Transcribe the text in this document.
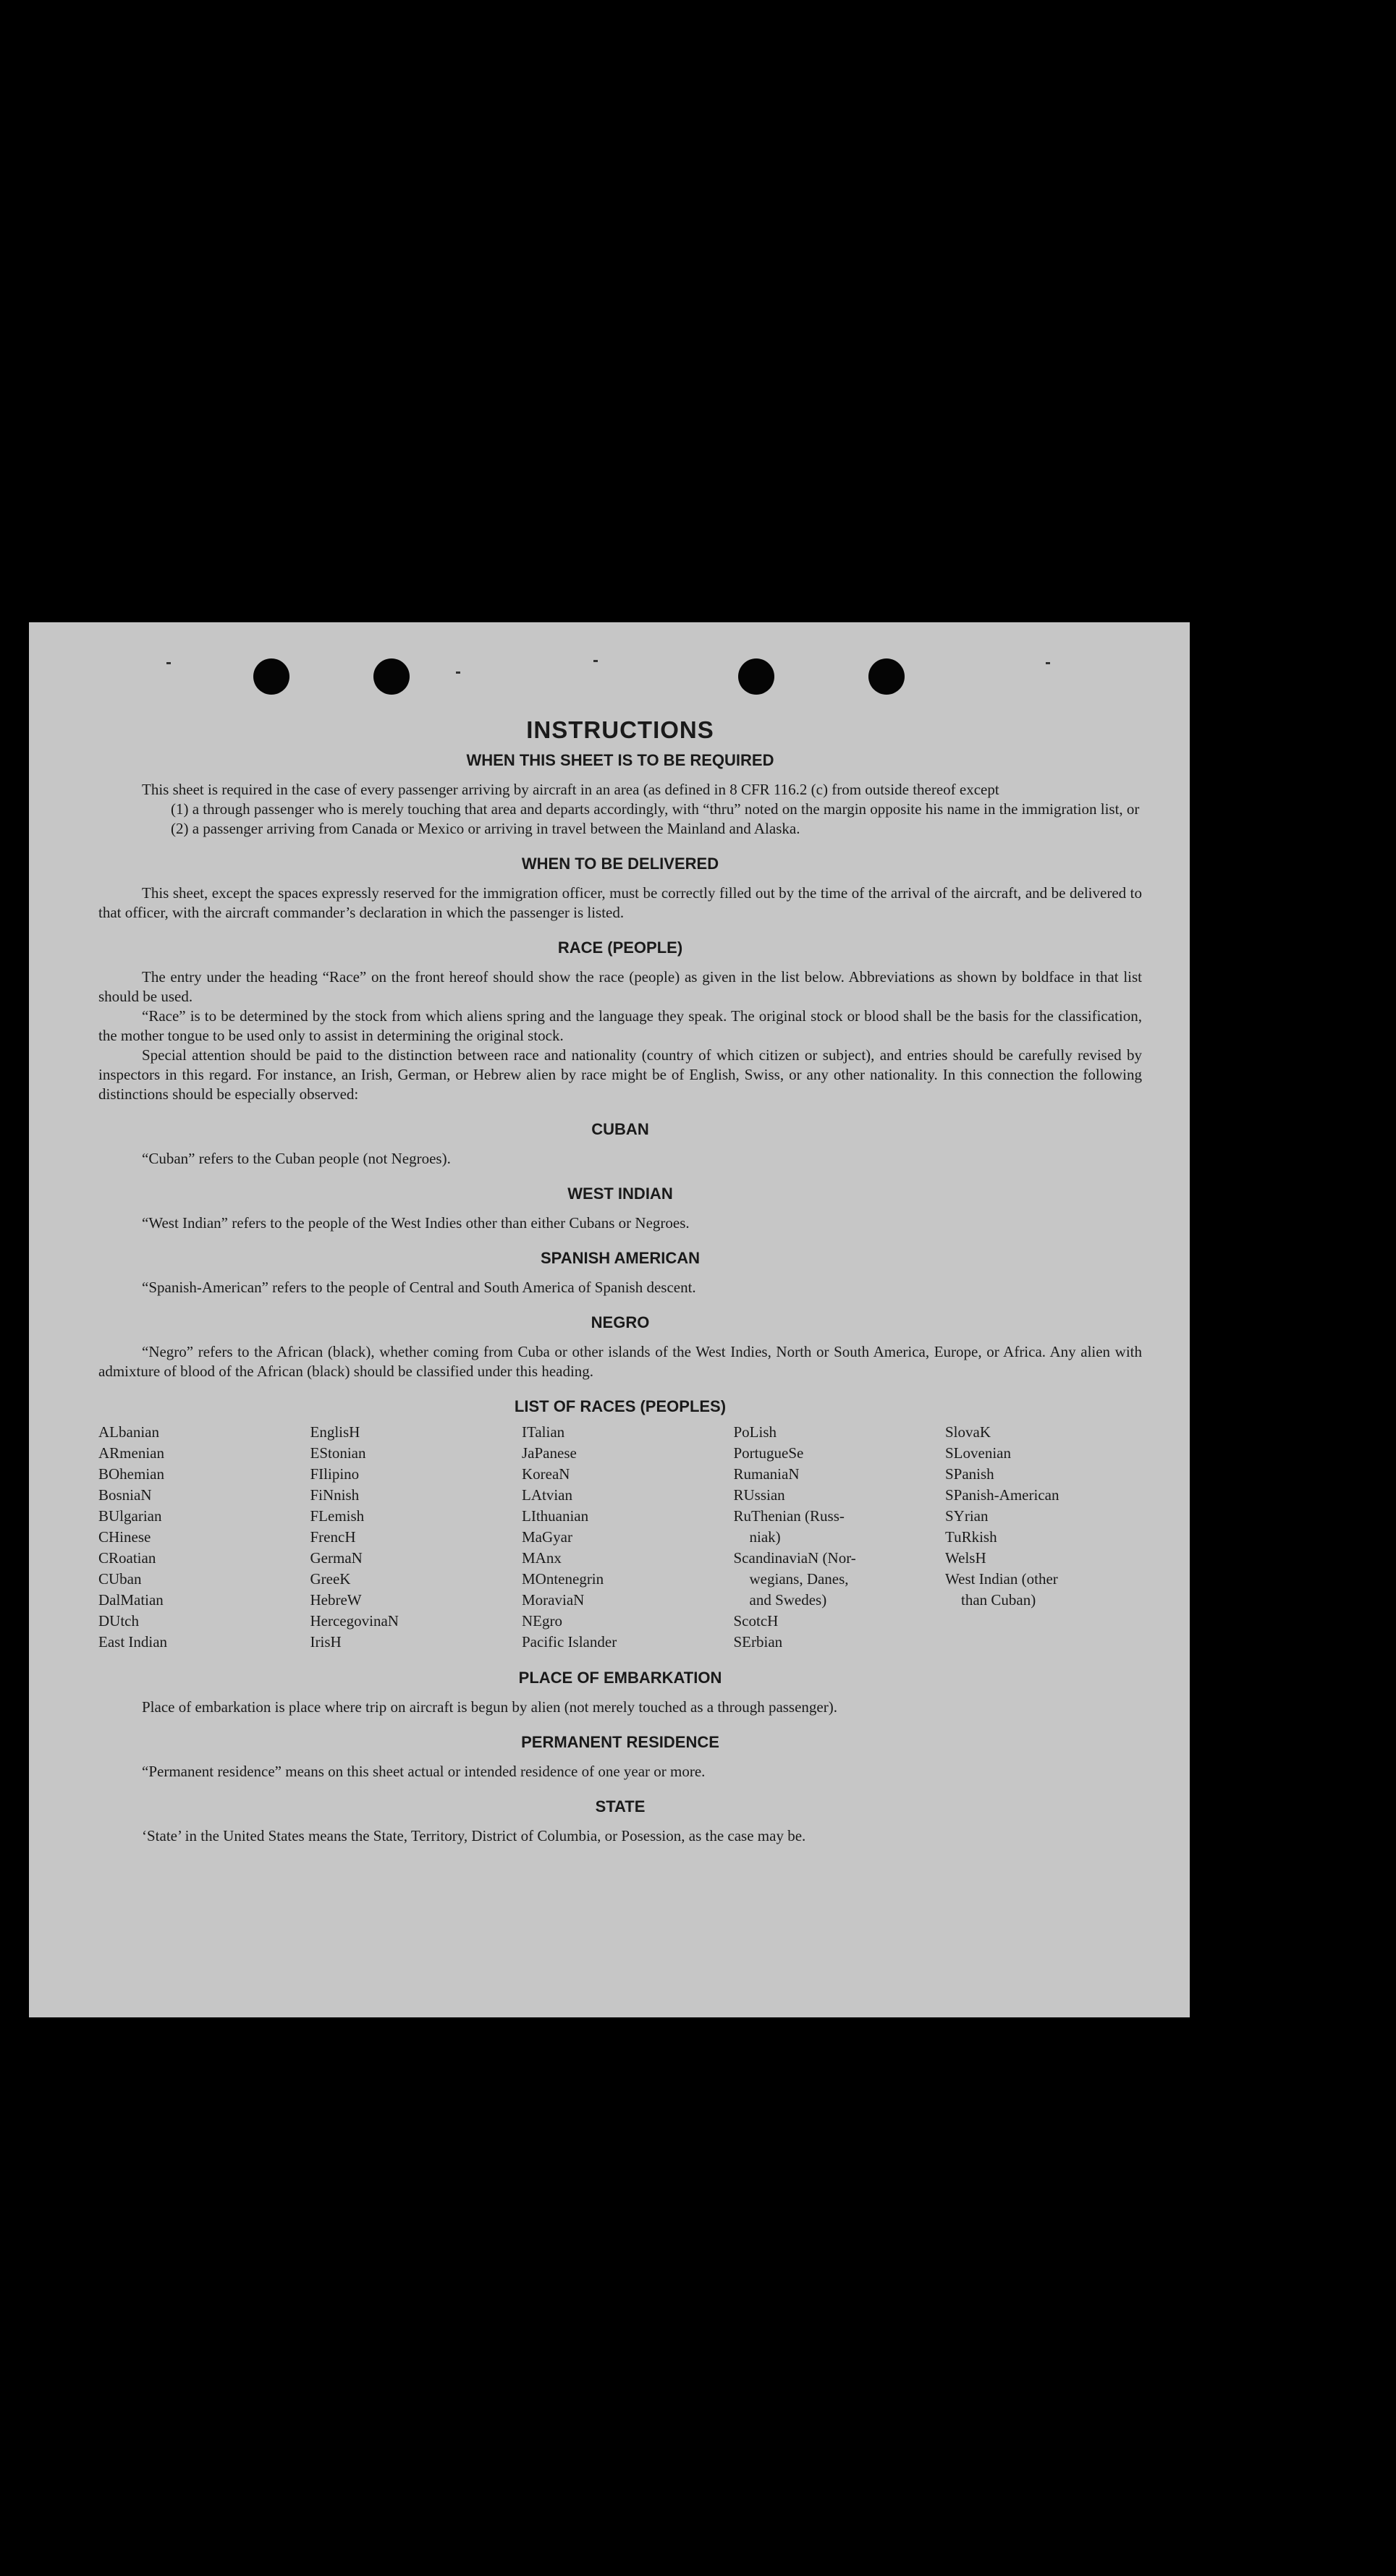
INSTRUCTIONS
WHEN THIS SHEET IS TO BE REQUIRED

This sheet is required in the case of every passenger arriving by aircraft in an area (as defined in 8 CFR 116.2 (c) from outside thereof except

(1) a through passenger who is merely touching that area and departs accordingly, with “thru” noted on the margin opposite his name in the immigration list, or
(2) a passenger arriving from Canada or Mexico or arriving in travel between the Mainland and Alaska.
WHEN TO BE DELIVERED

This sheet, except the spaces expressly reserved for the immigration officer, must be correctly filled out by the time of the arrival of the aircraft, and be delivered to that officer, with the aircraft commander’s declaration in which the passenger is listed.

RACE (PEOPLE)

The entry under the heading “Race” on the front hereof should show the race (people) as given in the list below. Abbreviations as shown by boldface in that list should be used.

“Race” is to be determined by the stock from which aliens spring and the language they speak. The original stock or blood shall be the basis for the classification, the mother tongue to be used only to assist in determining the original stock.

Special attention should be paid to the distinction between race and nationality (country of which citizen or subject), and entries should be carefully revised by inspectors in this regard. For instance, an Irish, German, or Hebrew alien by race might be of English, Swiss, or any other nationality. In this connection the following distinctions should be especially observed:

CUBAN

“Cuban” refers to the Cuban people (not Negroes).

WEST INDIAN

“West Indian” refers to the people of the West Indies other than either Cubans or Negroes.

SPANISH AMERICAN

“Spanish-American” refers to the people of Central and South America of Spanish descent.

NEGRO

“Negro” refers to the African (black), whether coming from Cuba or other islands of the West Indies, North or South America, Europe, or Africa. Any alien with admixture of blood of the African (black) should be classified under this heading.

LIST OF RACES (PEOPLES)
ALbanian
ARmenian
BOhemian
BosniaN
BUlgarian
CHinese
CRoatian
CUban
DalMatian
DUtch
East Indian
EnglisH
EStonian
FIlipino
FiNnish
FLemish
FrencH
GermaN
GreeK
HebreW
HercegovinaN
IrisH
ITalian
JaPanese
KoreaN
LAtvian
LIthuanian
MaGyar
MAnx
MOntenegrin
MoraviaN
NEgro
Pacific Islander
PoLish
PortugueSe
RumaniaN
RUssian
RuThenian (Russ-
niak)
ScandinaviaN (Nor-
wegians, Danes,
and Swedes)
ScotcH
SErbian
SlovaK
SLovenian
SPanish
SPanish-American
SYrian
TuRkish
WelsH
West Indian (other
than Cuban)
PLACE OF EMBARKATION

Place of embarkation is place where trip on aircraft is begun by alien (not merely touched as a through passenger).

PERMANENT RESIDENCE

“Permanent residence” means on this sheet actual or intended residence of one year or more.

STATE

‘State’ in the United States means the State, Territory, District of Columbia, or Posession, as the case may be.
